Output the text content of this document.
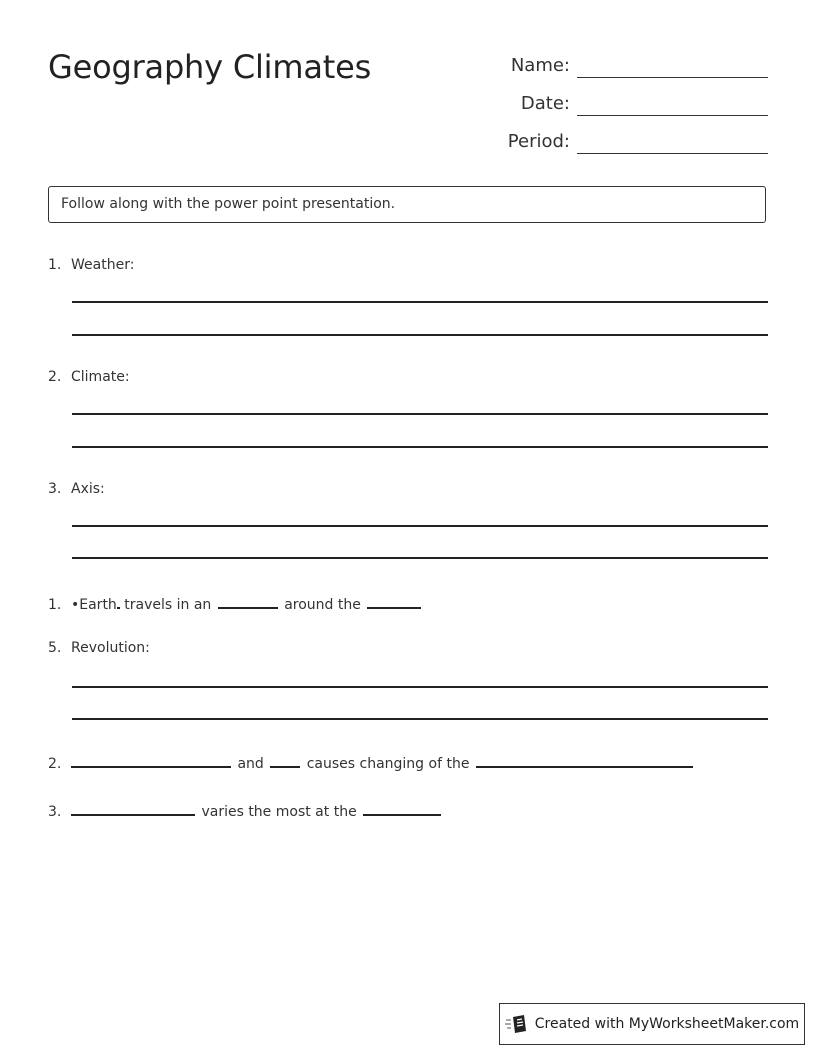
Geography Climates	Name:
Date:
Period:
Follow along with the power point presentation.
1. Weather:
2. Climate:
3. Axis:
1. •Earth travels in an	around the
5. Revolution:
2.	and	causes changing of the
3.	varies the most at the
Created with MyWorksheetMaker.com
